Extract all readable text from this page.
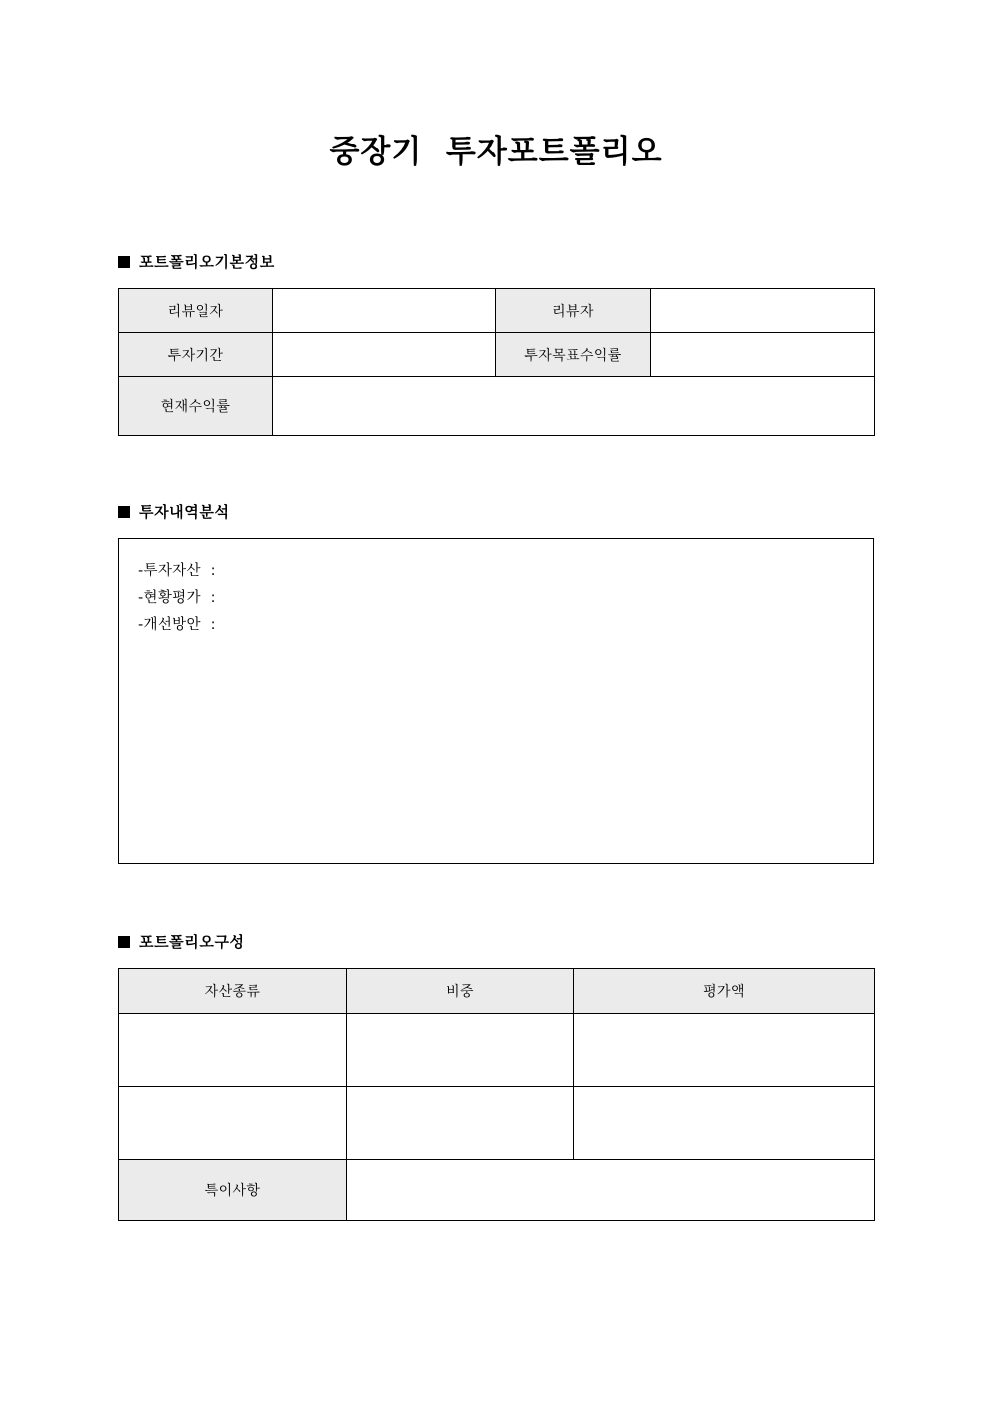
중장기  투자포트폴리오
포트폴리오기본정보
리뷰일자		리뷰자	
투자기간		투자목표수익률	
현재수익률			
투자내역분석
-투자자산  :
-현황평가  :
-개선방안  :
포트폴리오구성
자산종류	비중	평가액

특이사항		
